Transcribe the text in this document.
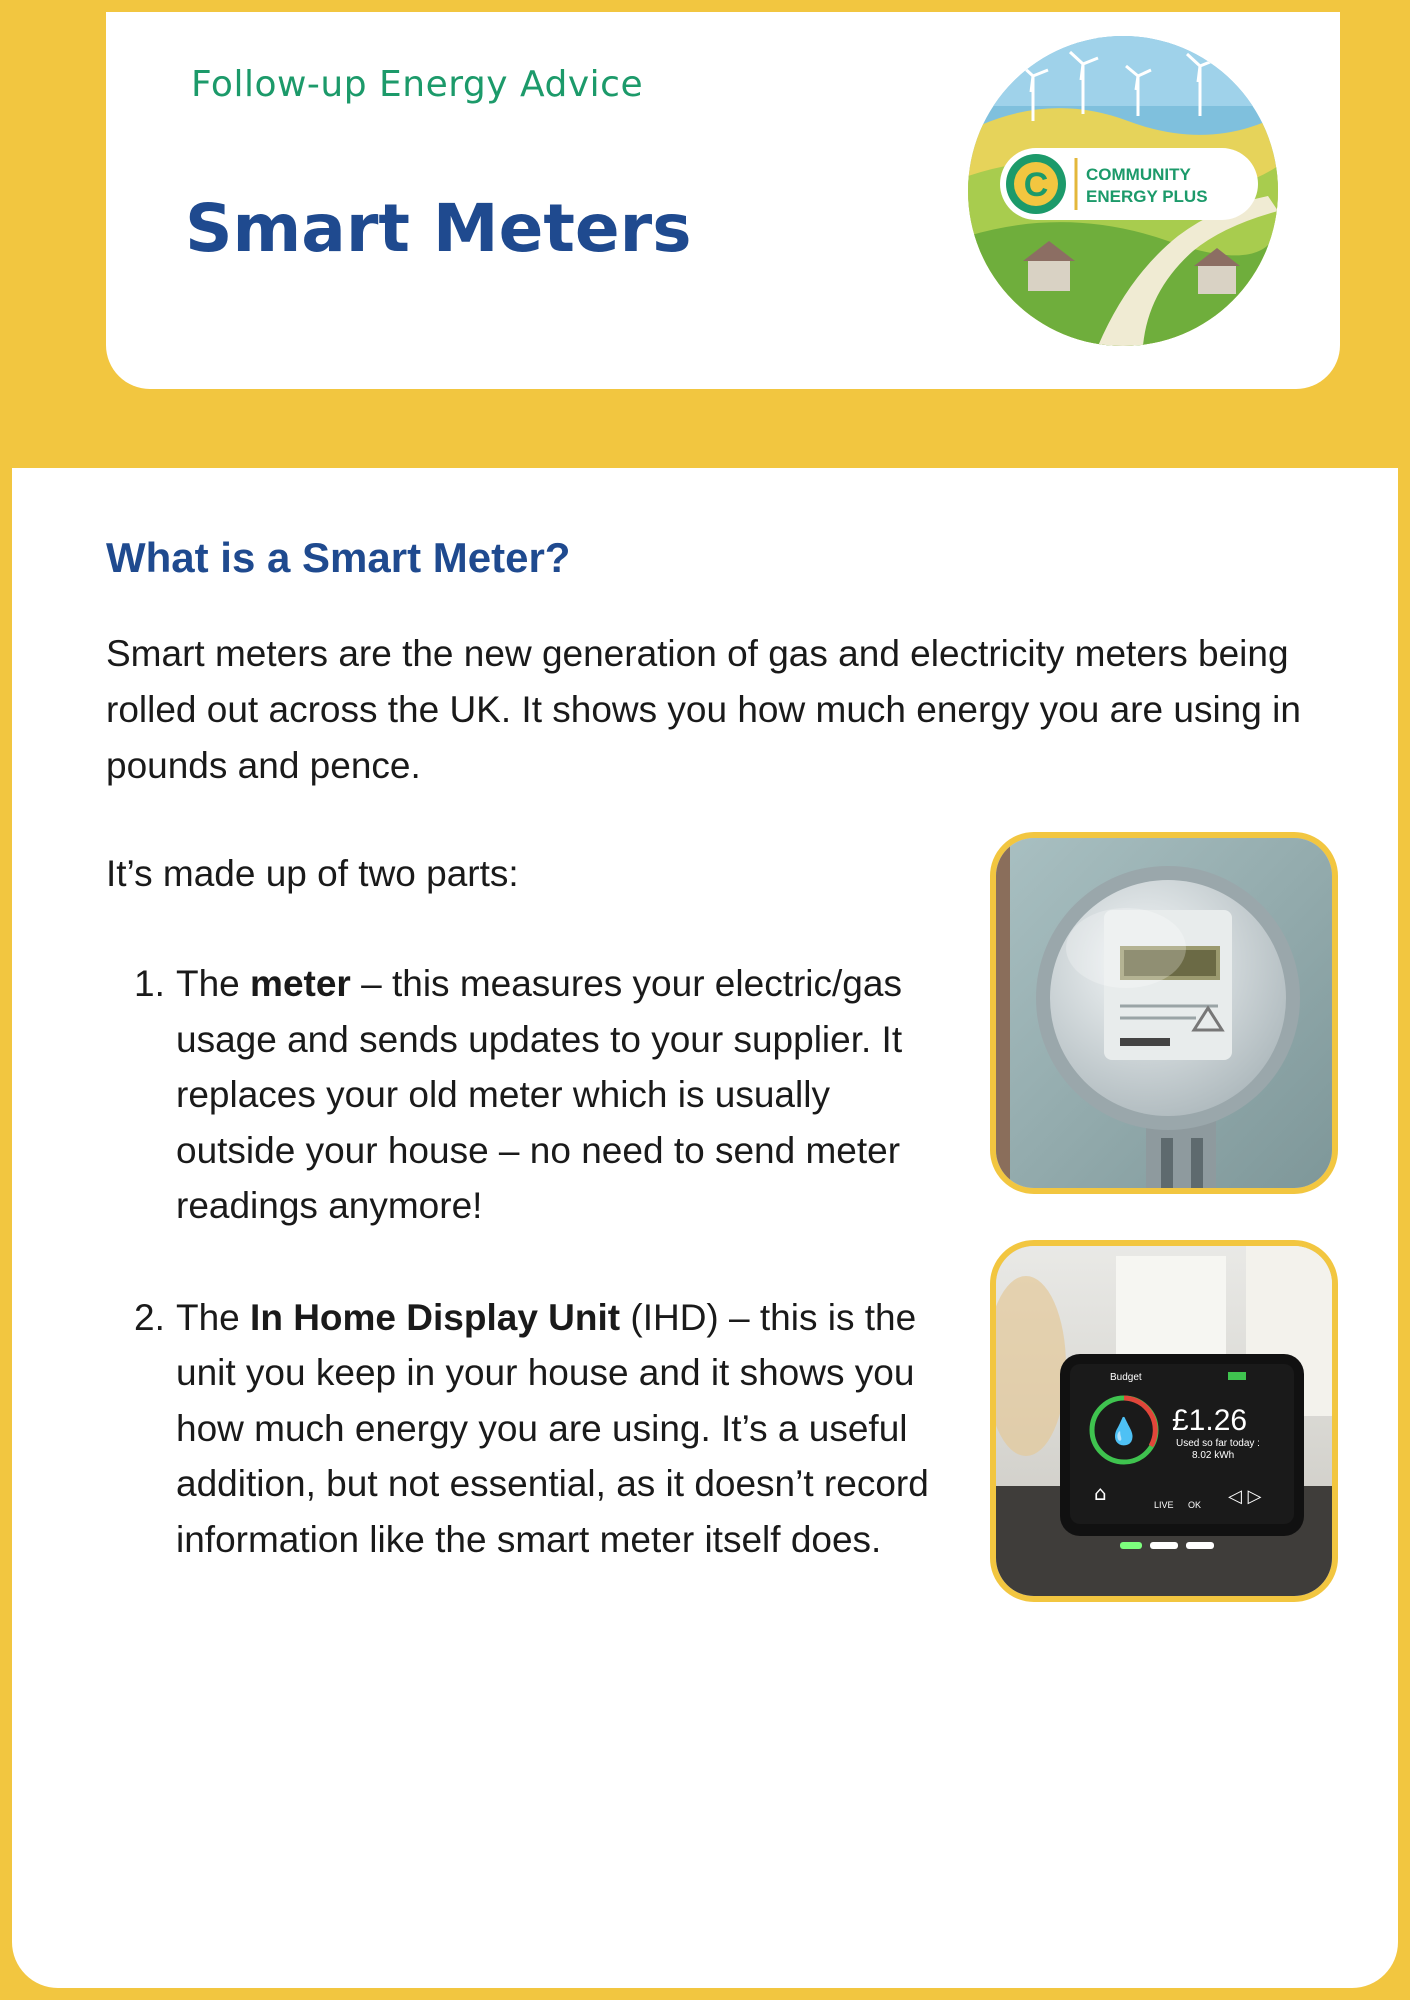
Follow-up Energy Advice
Smart Meters
C COMMUNITY
ENERGY PLUS
What is a Smart Meter?

Smart meters are the new generation of gas and electricity meters being rolled out across the UK. It shows you how much energy you are using in pounds and pence.

It’s made up of two parts:

1. The meter – this measures your electric/gas usage and sends updates to your supplier. It replaces your old meter which is usually outside your house – no need to send meter readings anymore!
2. The In Home Display Unit (IHD) – this is the unit you keep in your house and it shows you how much energy you are using. It’s a useful addition, but not essential, as it doesn’t record information like the smart meter itself does.
Budget
💧 £1.26
Used so far today :
8.02 kWh
⌂	LIVE OK ◁ ▷
